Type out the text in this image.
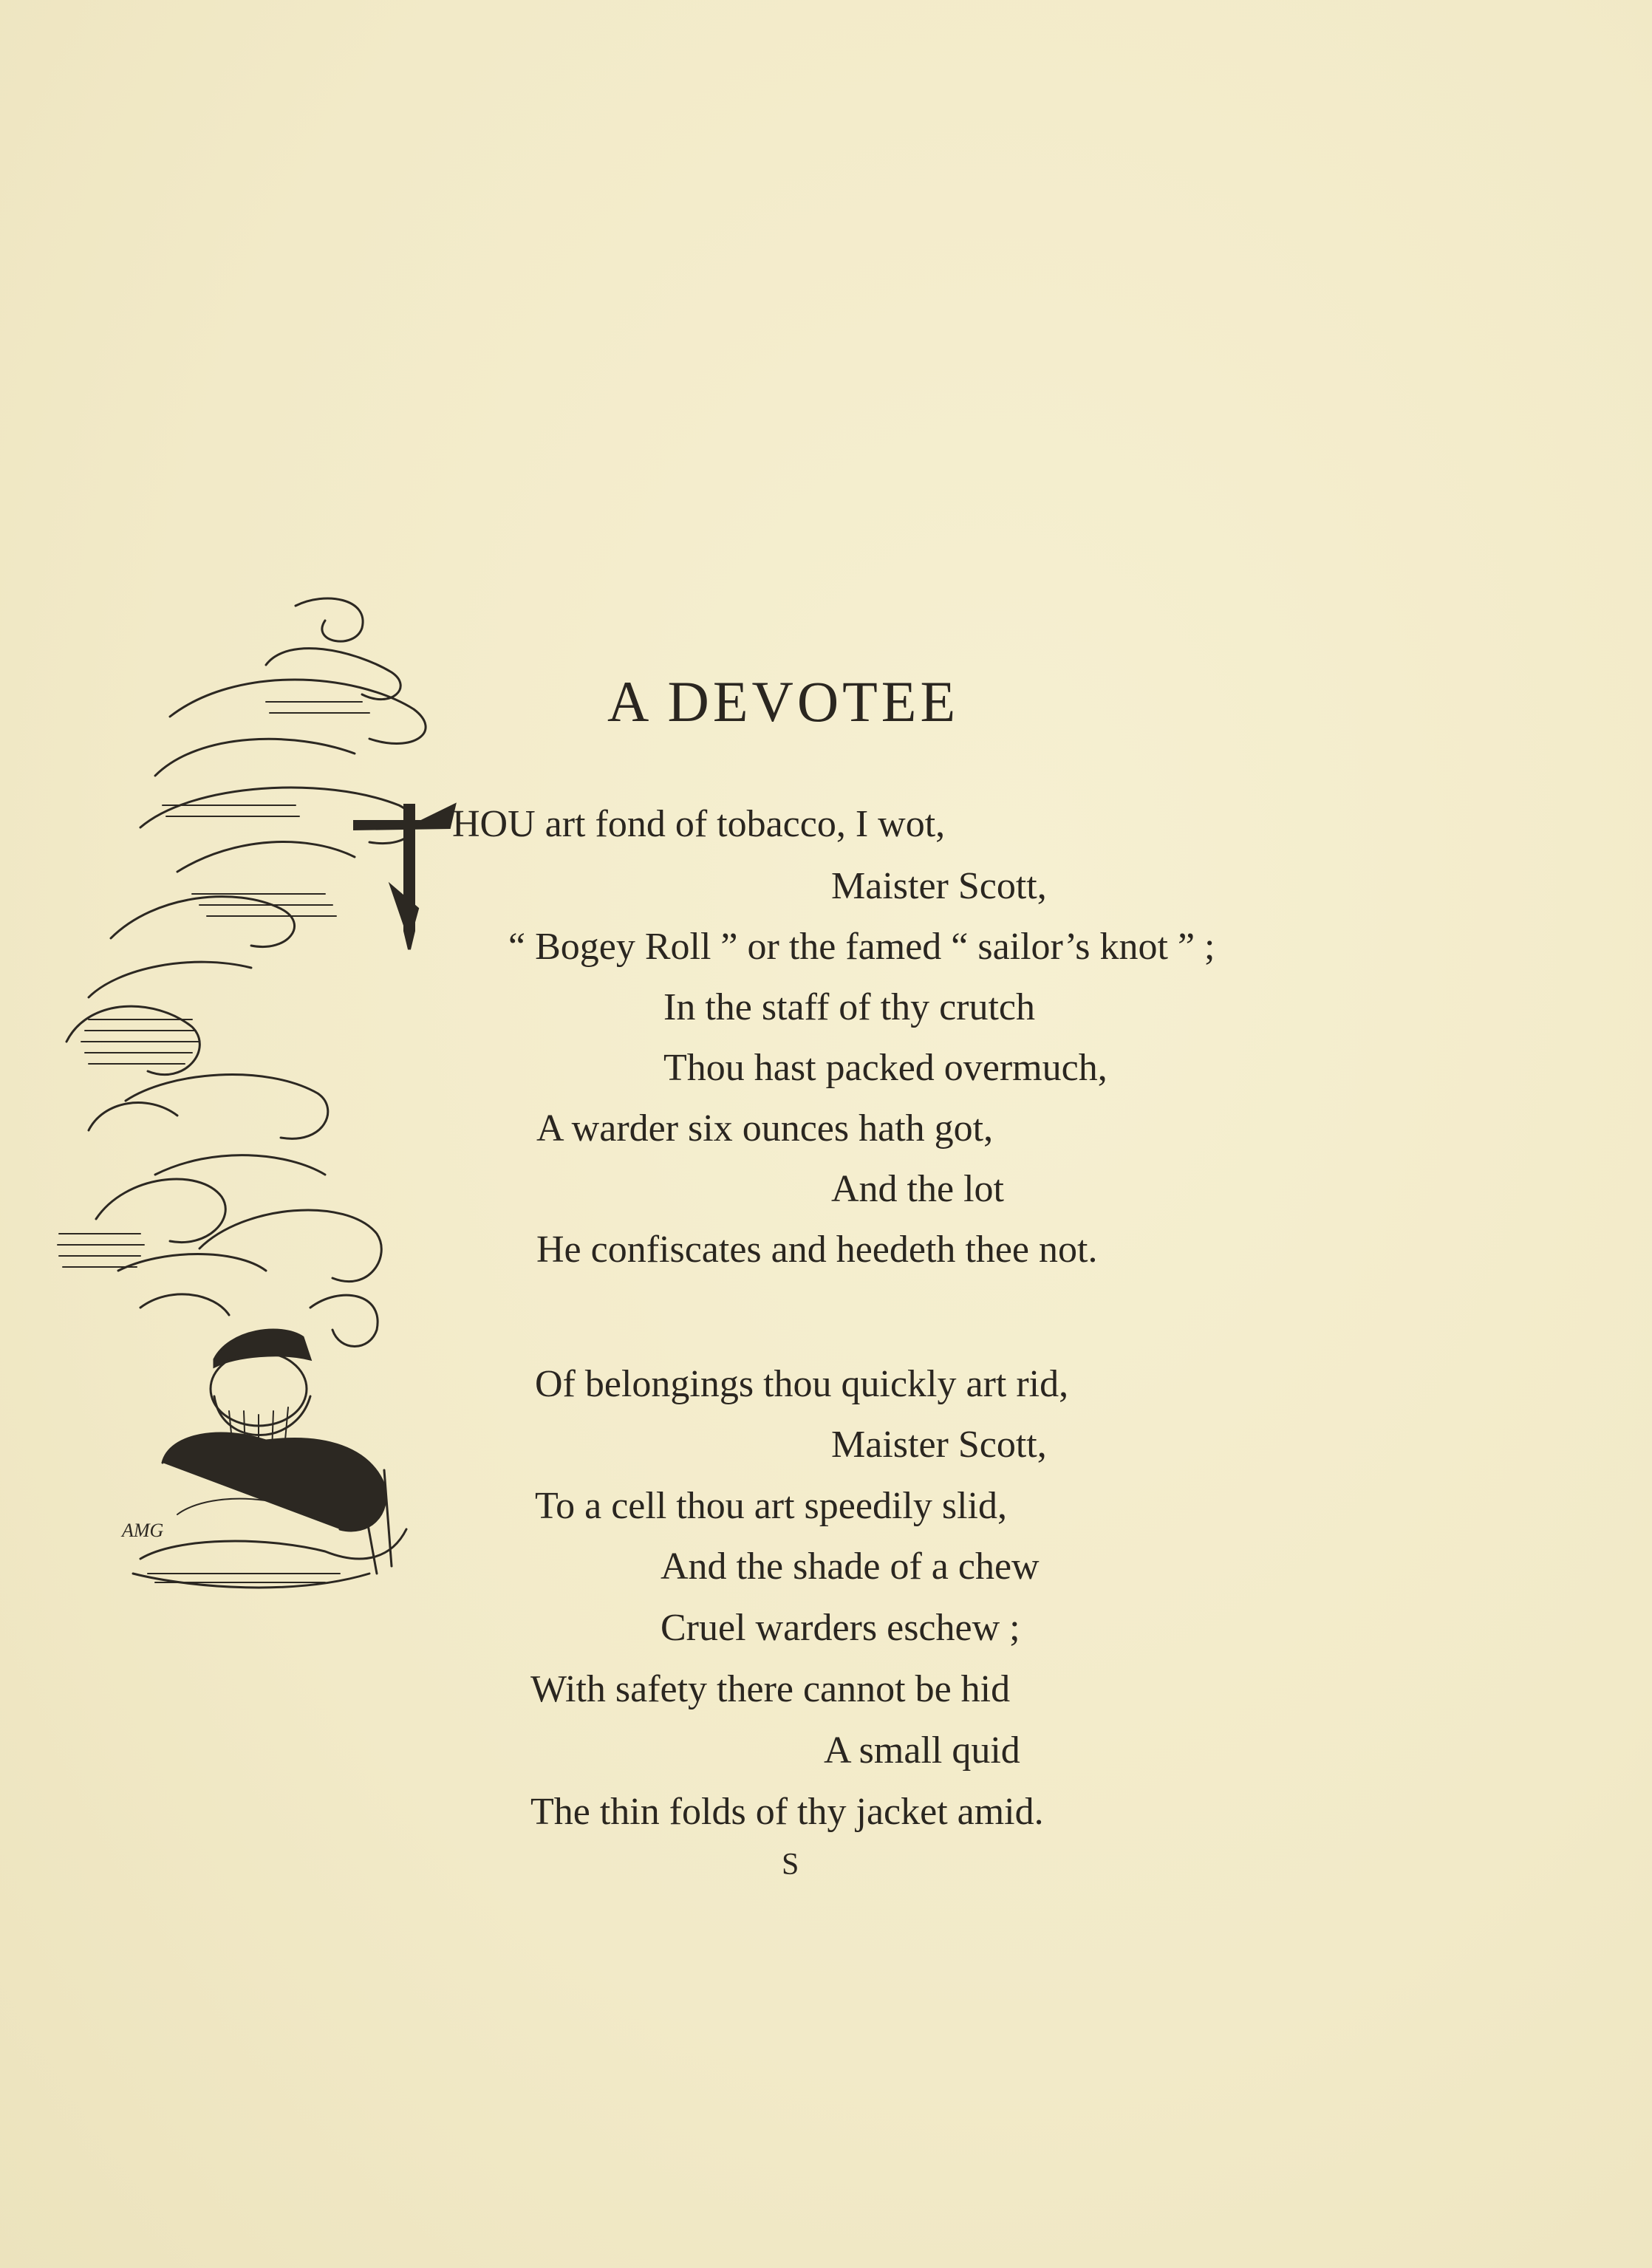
AMG
A DEVOTEE

HOU art fond of tobacco, I wot,

Maister Scott,

“ Bogey Roll ” or the famed “ sailor’s knot ” ;

In the staff of thy crutch

Thou hast packed overmuch,

A warder six ounces hath got,

And the lot

He confiscates and heedeth thee not.

Of belongings thou quickly art rid,

Maister Scott,

To a cell thou art speedily slid,

And the shade of a chew

Cruel warders eschew ;

With safety there cannot be hid

A small quid

The thin folds of thy jacket amid.

S
